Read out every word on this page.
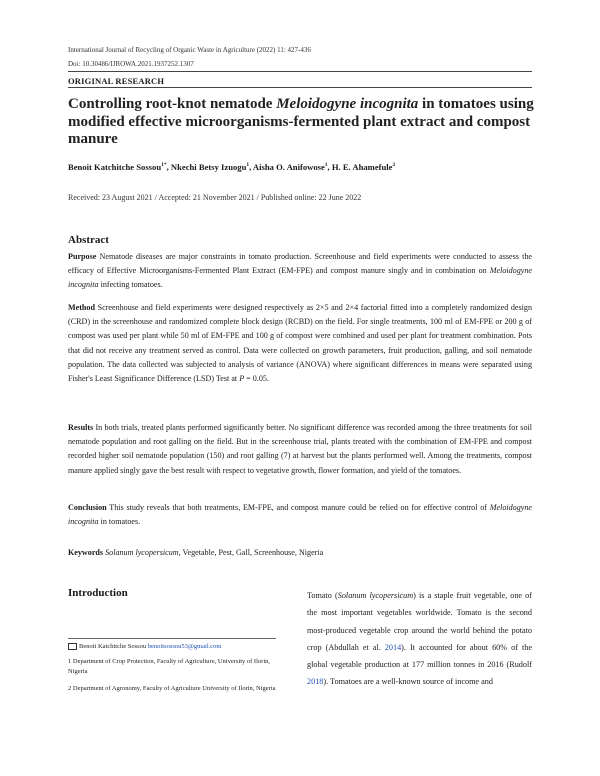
International Journal of Recycling of Organic Waste in Agriculture (2022) 11: 427-436
Doi: 10.30486/IJROWA.2021.1937252.1307
ORIGINAL RESEARCH
Controlling root-knot nematode Meloidogyne incognita in tomatoes using modified effective microorganisms-fermented plant extract and compost manure
Benoit Katchitche Sossou$^{1*}$, Nkechi Betsy Izuogu$^1$, Aisha O. Anifowose$^1$, H. E. Ahamefule$^2$
Received: 23 August 2021 / Accepted: 21 November 2021 / Published online: 22 June 2022
Abstract
Purpose Nematode diseases are major constraints in tomato production. Screenhouse and field experiments were conducted to assess the efficacy of Effective Microorganisms-Fermented Plant Extract (EM-FPE) and compost manure singly and in combination on Meloidogyne incognita infecting tomatoes.
Method Screenhouse and field experiments were designed respectively as 2×5 and 2×4 factorial fitted into a completely randomized design (CRD) in the screenhouse and randomized complete block design (RCBD) on the field. For single treatments, 100 ml of EM-FPE or 200 g of compost was used per plant while 50 ml of EM-FPE and 100 g of compost were combined and used per plant for treatment combination. Pots that did not receive any treatment served as control. Data were collected on growth parameters, fruit production, galling, and soil nematode population. The data collected was subjected to analysis of variance (ANOVA) where significant differences in means were separated using Fisher's Least Significance Difference (LSD) Test at P = 0.05.
Results In both trials, treated plants performed significantly better. No significant difference was recorded among the three treatments for soil nematode population and root galling on the field. But in the screenhouse trial, plants treated with the combination of EM-FPE and compost recorded higher soil nematode population (150) and root galling (7) at harvest but the plants performed well. Among the treatments, compost manure applied singly gave the best result with respect to vegetative growth, flower formation, and yield of the tomatoes.
Conclusion This study reveals that both treatments, EM-FPE, and compost manure could be relied on for effective control of Meloidogyne incognita in tomatoes.
Keywords Solanum lycopersicum, Vegetable, Pest, Gall, Screenhouse, Nigeria
Introduction
Benoit Katchitche Sossou benoitsossou53@gmail.com
1 Department of Crop Protection, Faculty of Agriculture, University of Ilorin, Nigeria
2 Department of Agronomy, Faculty of Agriculture University of Ilorin, Nigeria
Tomato (Solanum lycopersicum) is a staple fruit vegetable, one of the most important vegetables worldwide. Tomato is the second most-produced vegetable crop around the world behind the potato crop (Abdullah et al. 2014). It accounted for about 60% of the global vegetable production at 177 million tonnes in 2016 (Rudolf 2018). Tomatoes are a well-known source of income and
